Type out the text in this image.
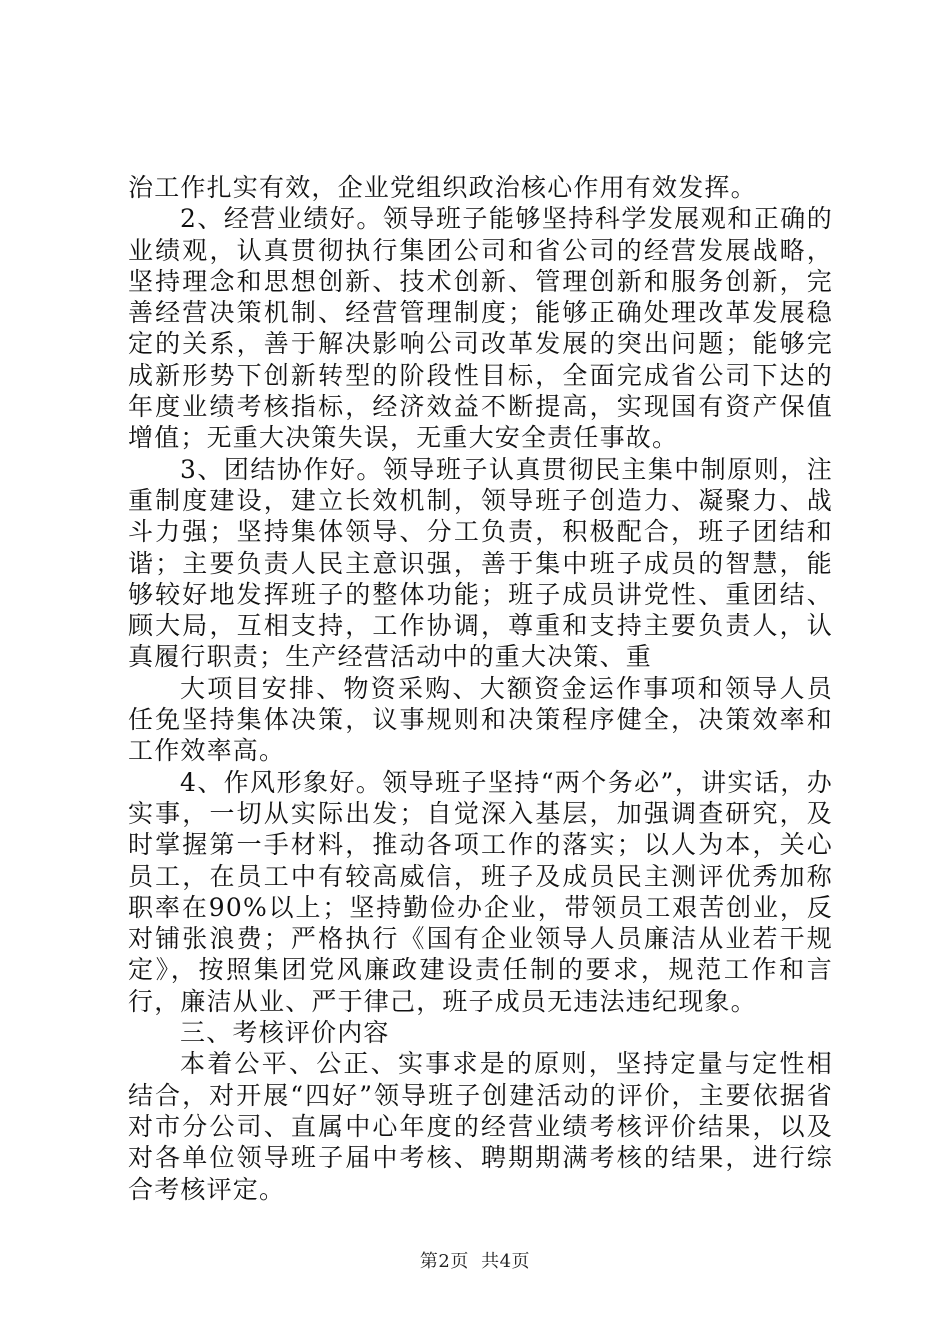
治工作扎实有效，企业党组织政治核心作用有效发挥。

2、经营业绩好。领导班子能够坚持科学发展观和正确的业绩观，认真贯彻执行集团公司和省公司的经营发展战略，坚持理念和思想创新、技术创新、管理创新和服务创新，完善经营决策机制、经营管理制度；能够正确处理改革发展稳定的关系，善于解决影响公司改革发展的突出问题；能够完成新形势下创新转型的阶段性目标，全面完成省公司下达的年度业绩考核指标，经济效益不断提高，实现国有资产保值增值；无重大决策失误，无重大安全责任事故。

3、团结协作好。领导班子认真贯彻民主集中制原则，注重制度建设，建立长效机制，领导班子创造力、凝聚力、战斗力强；坚持集体领导、分工负责，积极配合，班子团结和谐；主要负责人民主意识强，善于集中班子成员的智慧，能够较好地发挥班子的整体功能；班子成员讲党性、重团结、顾大局，互相支持，工作协调，尊重和支持主要负责人，认真履行职责；生产经营活动中的重大决策、重

大项目安排、物资采购、大额资金运作事项和领导人员任免坚持集体决策，议事规则和决策程序健全，决策效率和工作效率高。

4、作风形象好。领导班子坚持“两个务必”，讲实话，办实事，一切从实际出发；自觉深入基层，加强调查研究，及时掌握第一手材料，推动各项工作的落实；以人为本，关心员工，在员工中有较高威信，班子及成员民主测评优秀加称职率在90%以上；坚持勤俭办企业，带领员工艰苦创业，反对铺张浪费；严格执行《国有企业领导人员廉洁从业若干规定》，按照集团党风廉政建设责任制的要求，规范工作和言行，廉洁从业、严于律己，班子成员无违法违纪现象。

三、考核评价内容

本着公平、公正、实事求是的原则，坚持定量与定性相结合，对开展“四好”领导班子创建活动的评价，主要依据省对市分公司、直属中心年度的经营业绩考核评价结果，以及对各单位领导班子届中考核、聘期期满考核的结果，进行综合考核评定。

第2页 共4页
